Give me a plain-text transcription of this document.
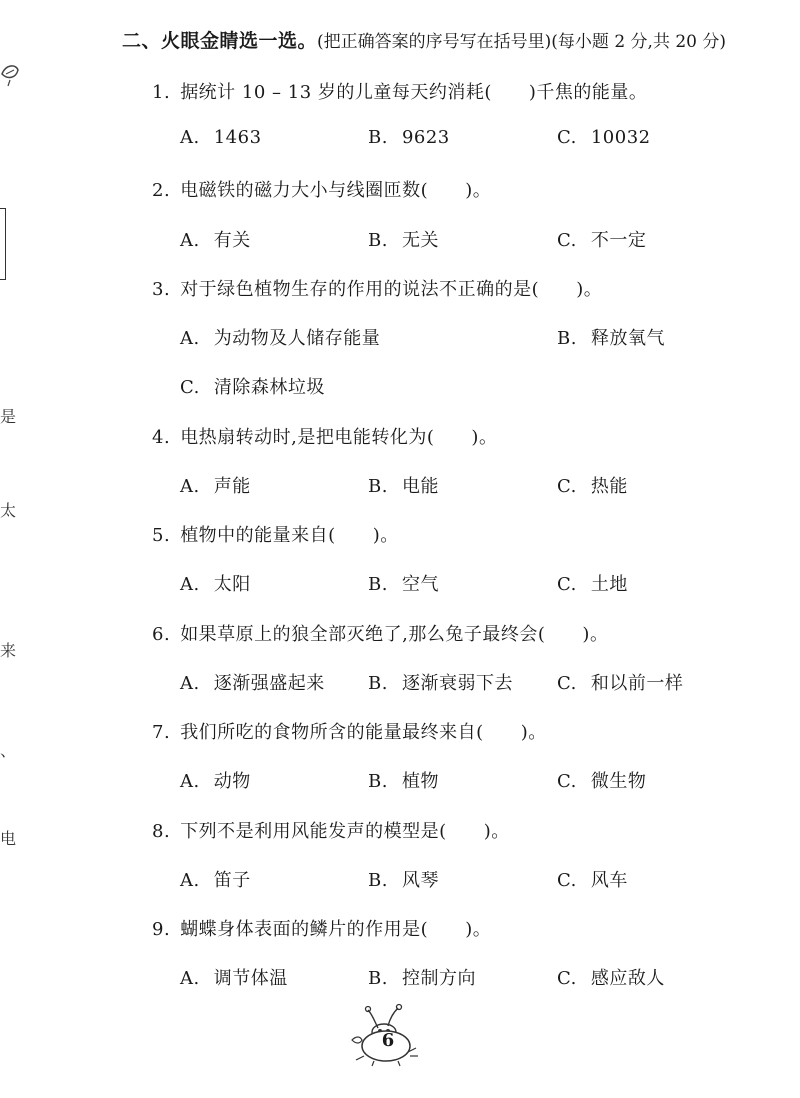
是
太
来
、
电
二、火眼金睛选一选。(把正确答案的序号写在括号里)(每小题 2 分,共 20 分)
1. 据统计 10 – 13 岁的儿童每天约消耗(　　)千焦的能量。
A. 1463	B. 9623	C. 10032
2. 电磁铁的磁力大小与线圈匝数(　　)。
A. 有关	B. 无关	C. 不一定
3. 对于绿色植物生存的作用的说法不正确的是(　　)。
A. 为动物及人储存能量	B. 释放氧气
C. 清除森林垃圾
4. 电热扇转动时,是把电能转化为(　　)。
A. 声能	B. 电能	C. 热能
5. 植物中的能量来自(　　)。
A. 太阳	B. 空气	C. 土地
6. 如果草原上的狼全部灭绝了,那么兔子最终会(　　)。
A. 逐渐强盛起来 B. 逐渐衰弱下去 C. 和以前一样
7. 我们所吃的食物所含的能量最终来自(　　)。
A. 动物	B. 植物	C. 微生物
8. 下列不是利用风能发声的模型是(　　)。
A. 笛子	B. 风琴	C. 风车
9. 蝴蝶身体表面的鳞片的作用是(　　)。
A. 调节体温	B. 控制方向	C. 感应敌人
6
